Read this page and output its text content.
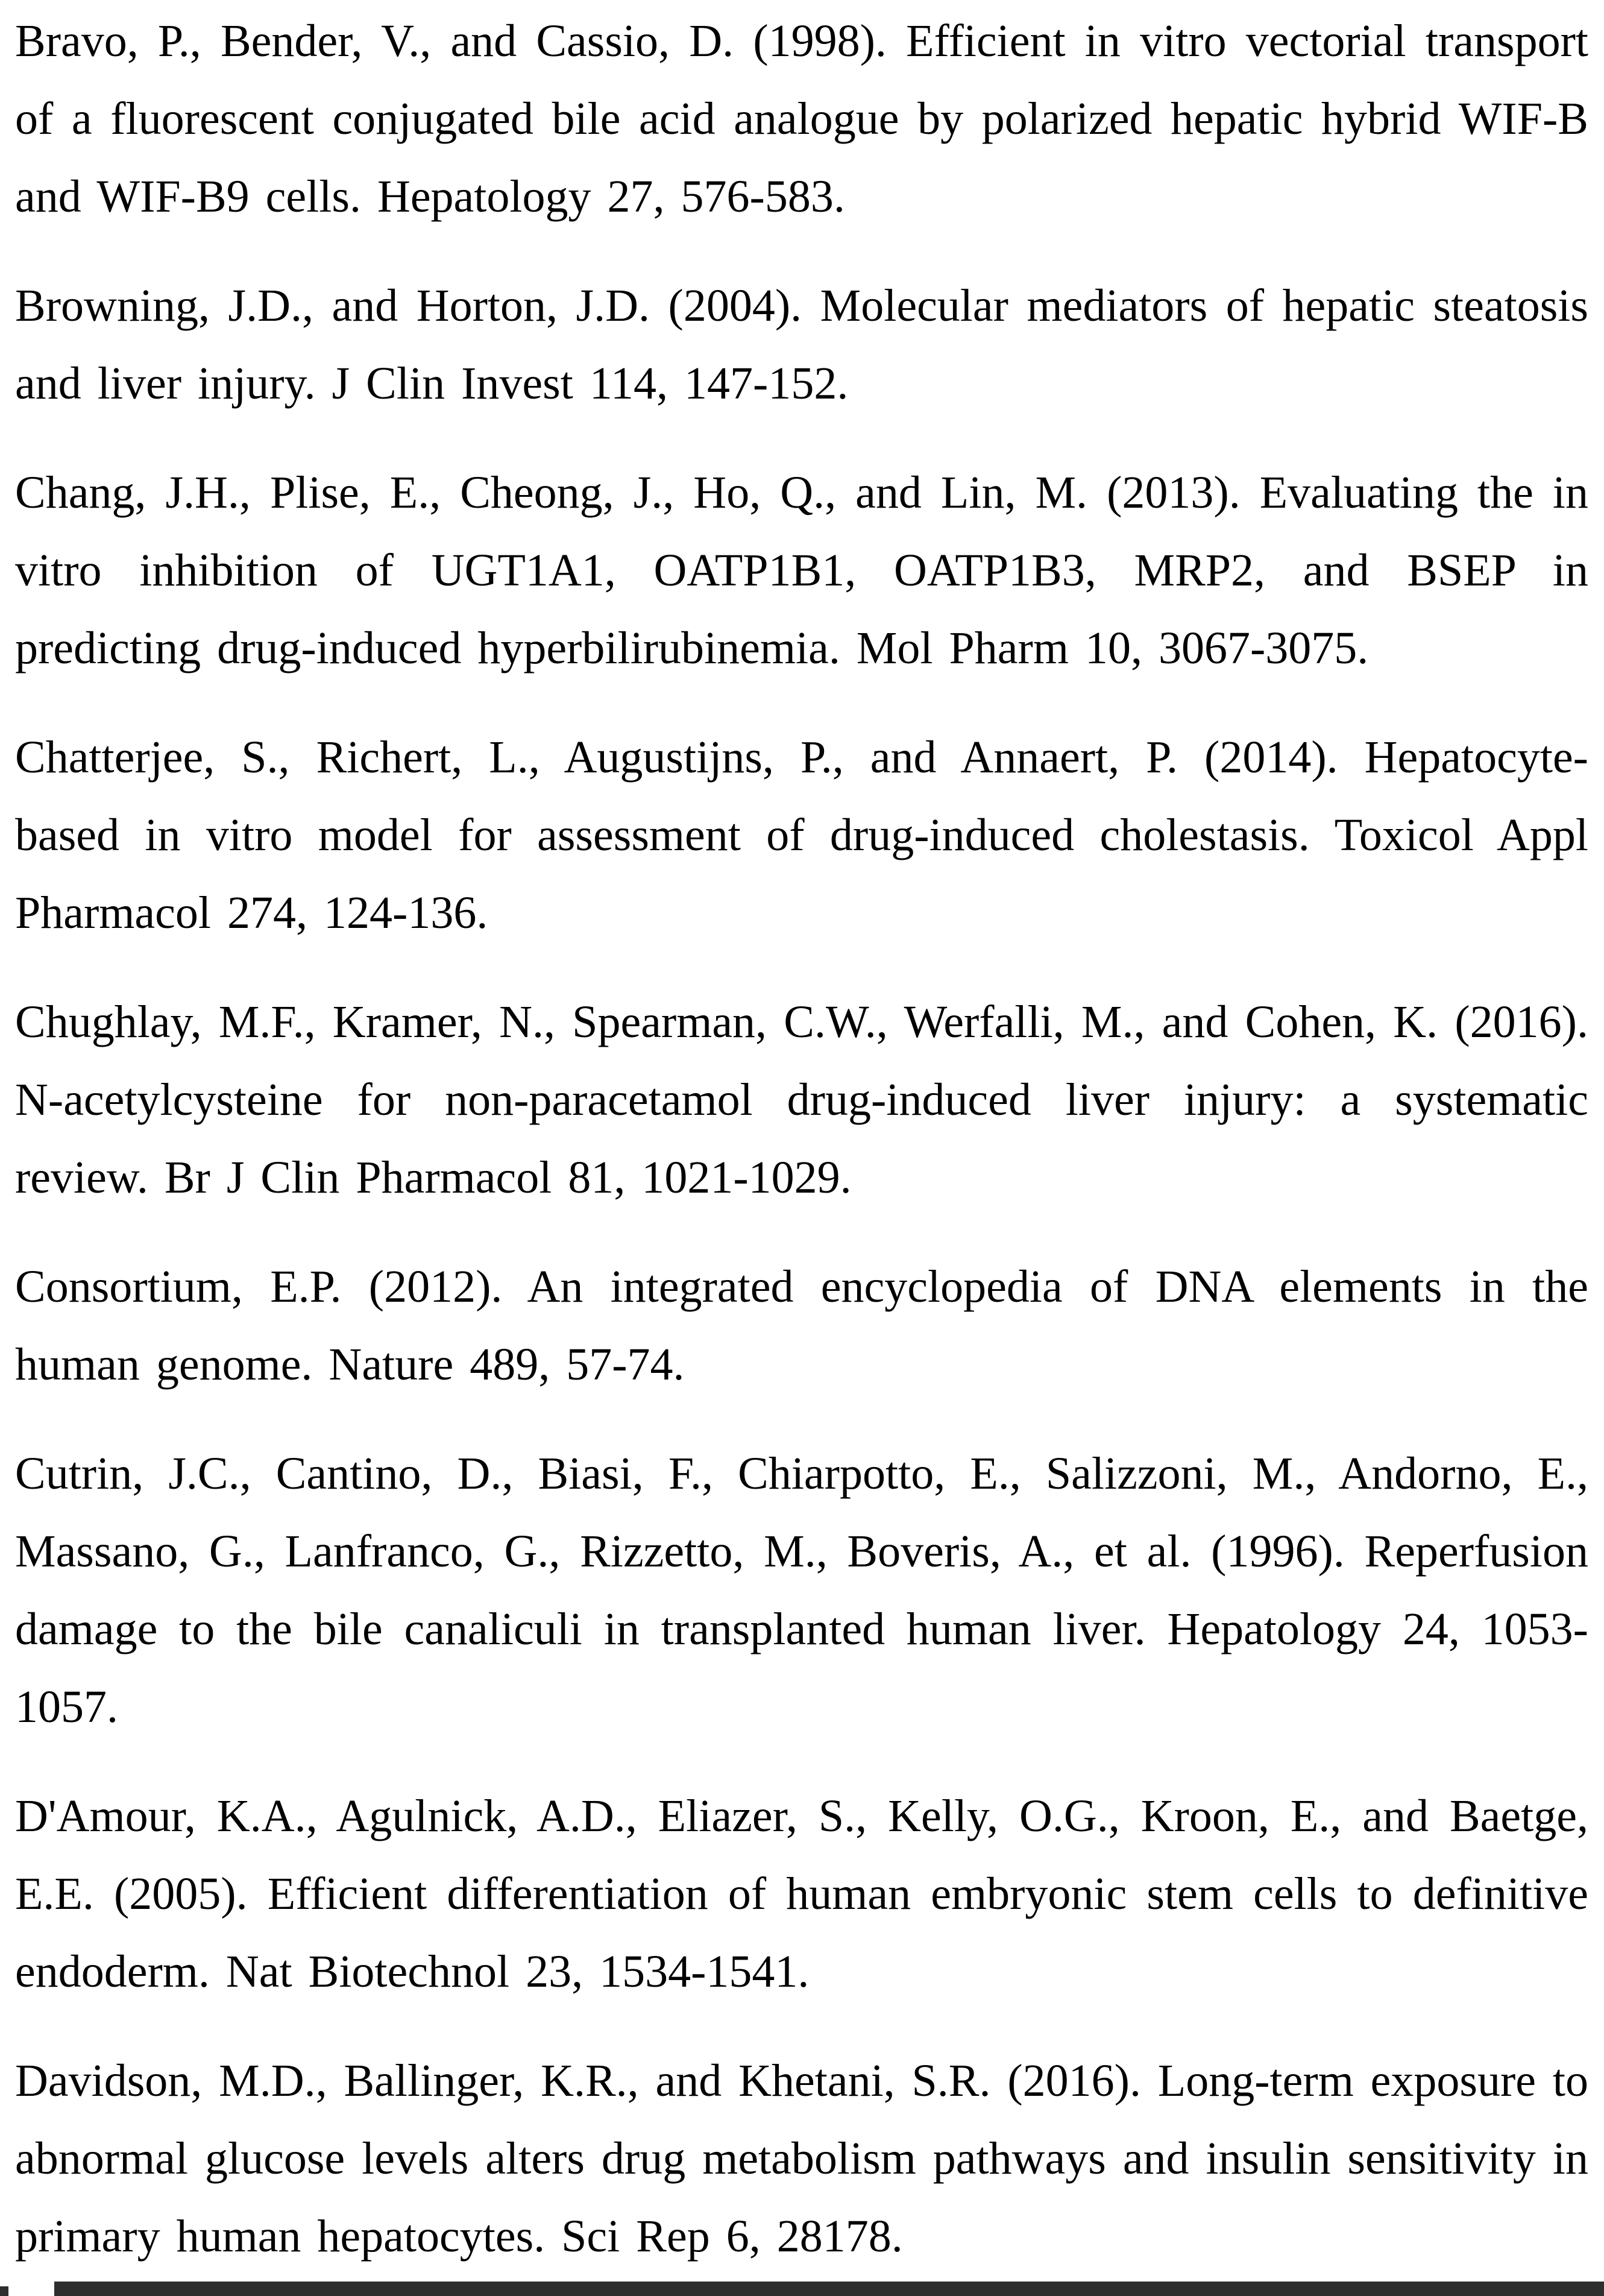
Bravo, P., Bender, V., and Cassio, D. (1998). Efficient in vitro vectorial transport of a fluorescent conjugated bile acid analogue by polarized hepatic hybrid WIF-B and WIF-B9 cells. Hepatology 27, 576-583.

Browning, J.D., and Horton, J.D. (2004). Molecular mediators of hepatic steatosis and liver injury. J Clin Invest 114, 147-152.

Chang, J.H., Plise, E., Cheong, J., Ho, Q., and Lin, M. (2013). Evaluating the in vitro inhibition of UGT1A1, OATP1B1, OATP1B3, MRP2, and BSEP in predicting drug-induced hyperbilirubinemia. Mol Pharm 10, 3067-3075.

Chatterjee, S., Richert, L., Augustijns, P., and Annaert, P. (2014). Hepatocyte-based in vitro model for assessment of drug-induced cholestasis. Toxicol Appl Pharmacol 274, 124-136.

Chughlay, M.F., Kramer, N., Spearman, C.W., Werfalli, M., and Cohen, K. (2016). N-acetylcysteine for non-paracetamol drug-induced liver injury: a systematic review. Br J Clin Pharmacol 81, 1021-1029.

Consortium, E.P. (2012). An integrated encyclopedia of DNA elements in the human genome. Nature 489, 57-74.

Cutrin, J.C., Cantino, D., Biasi, F., Chiarpotto, E., Salizzoni, M., Andorno, E., Massano, G., Lanfranco, G., Rizzetto, M., Boveris, A., et al. (1996). Reperfusion damage to the bile canaliculi in transplanted human liver. Hepatology 24, 1053-1057.

D'Amour, K.A., Agulnick, A.D., Eliazer, S., Kelly, O.G., Kroon, E., and Baetge, E.E. (2005). Efficient differentiation of human embryonic stem cells to definitive endoderm. Nat Biotechnol 23, 1534-1541.

Davidson, M.D., Ballinger, K.R., and Khetani, S.R. (2016). Long-term exposure to abnormal glucose levels alters drug metabolism pathways and insulin sensitivity in primary human hepatocytes. Sci Rep 6, 28178.
